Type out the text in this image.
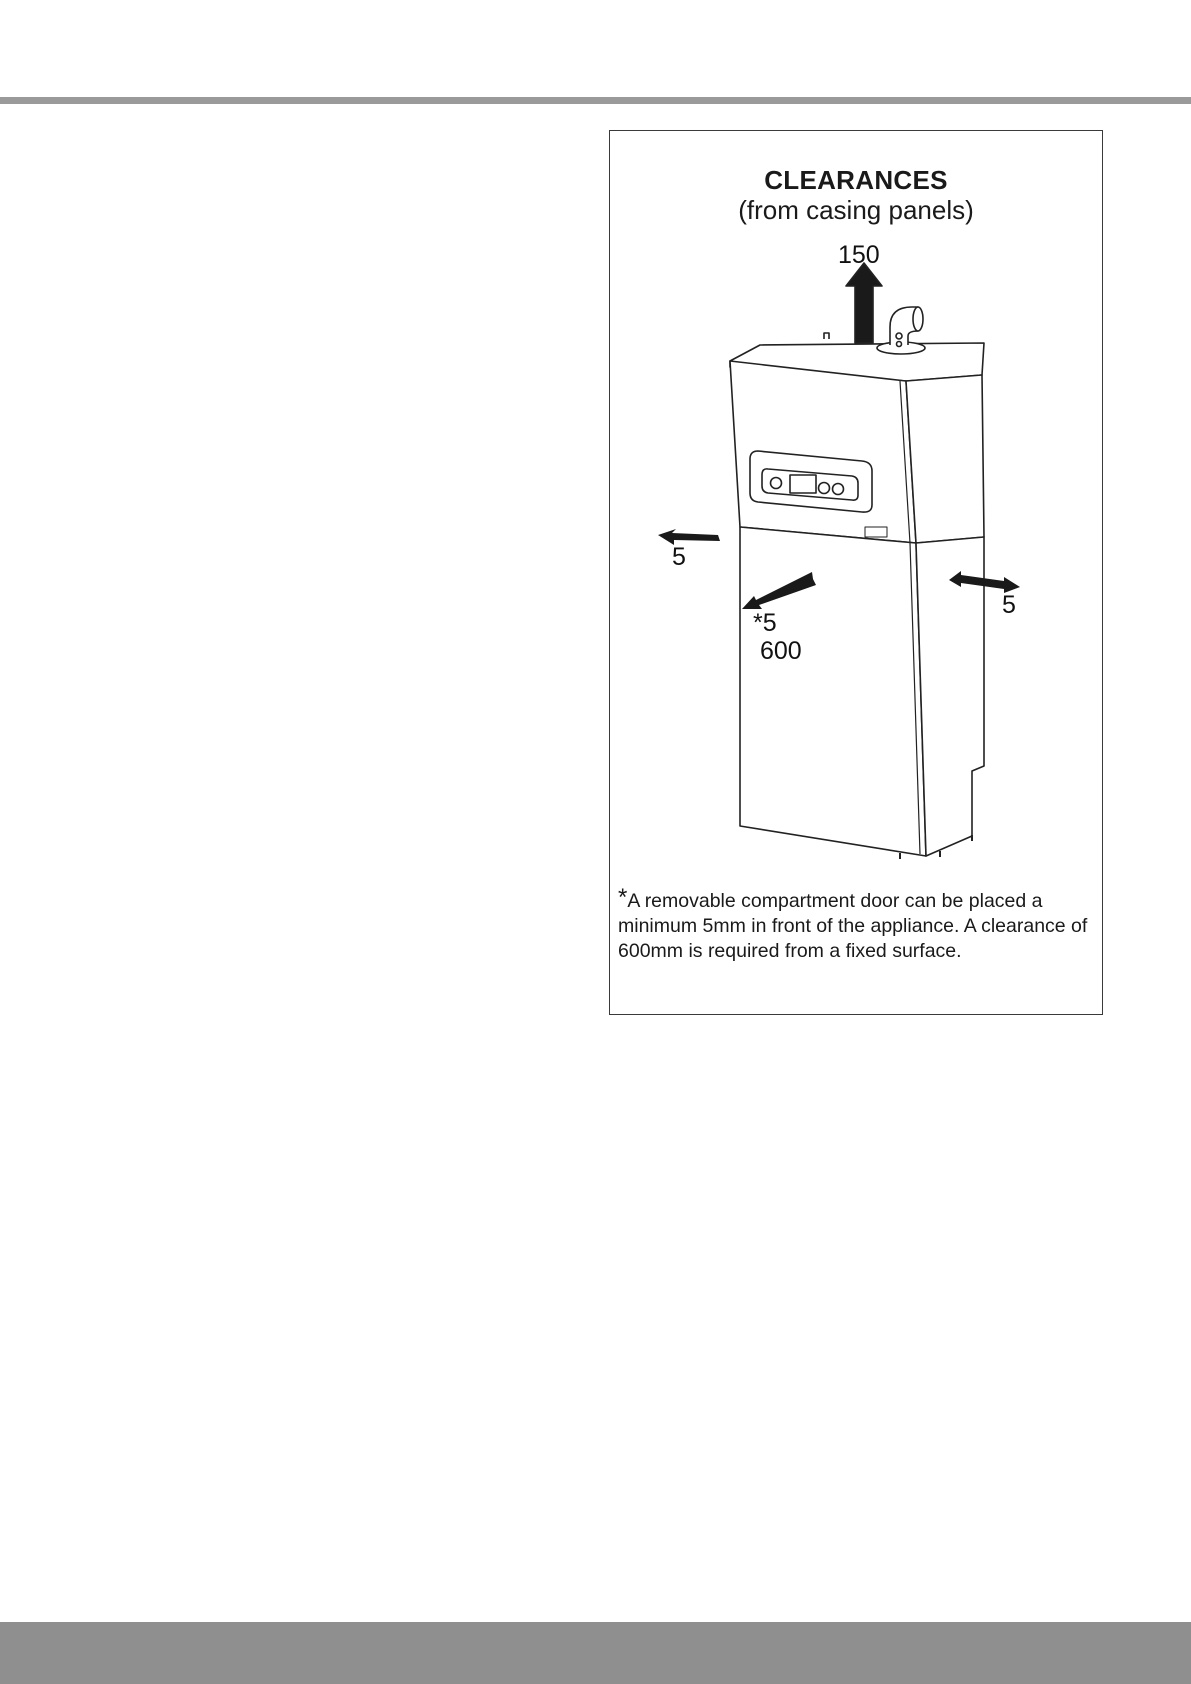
CLEARANCES
(from casing panels)
150
5
*5
600
5
*A removable compartment door can be placed a minimum 5mm in front of the appliance. A clearance of 600mm is required from a fixed surface.
